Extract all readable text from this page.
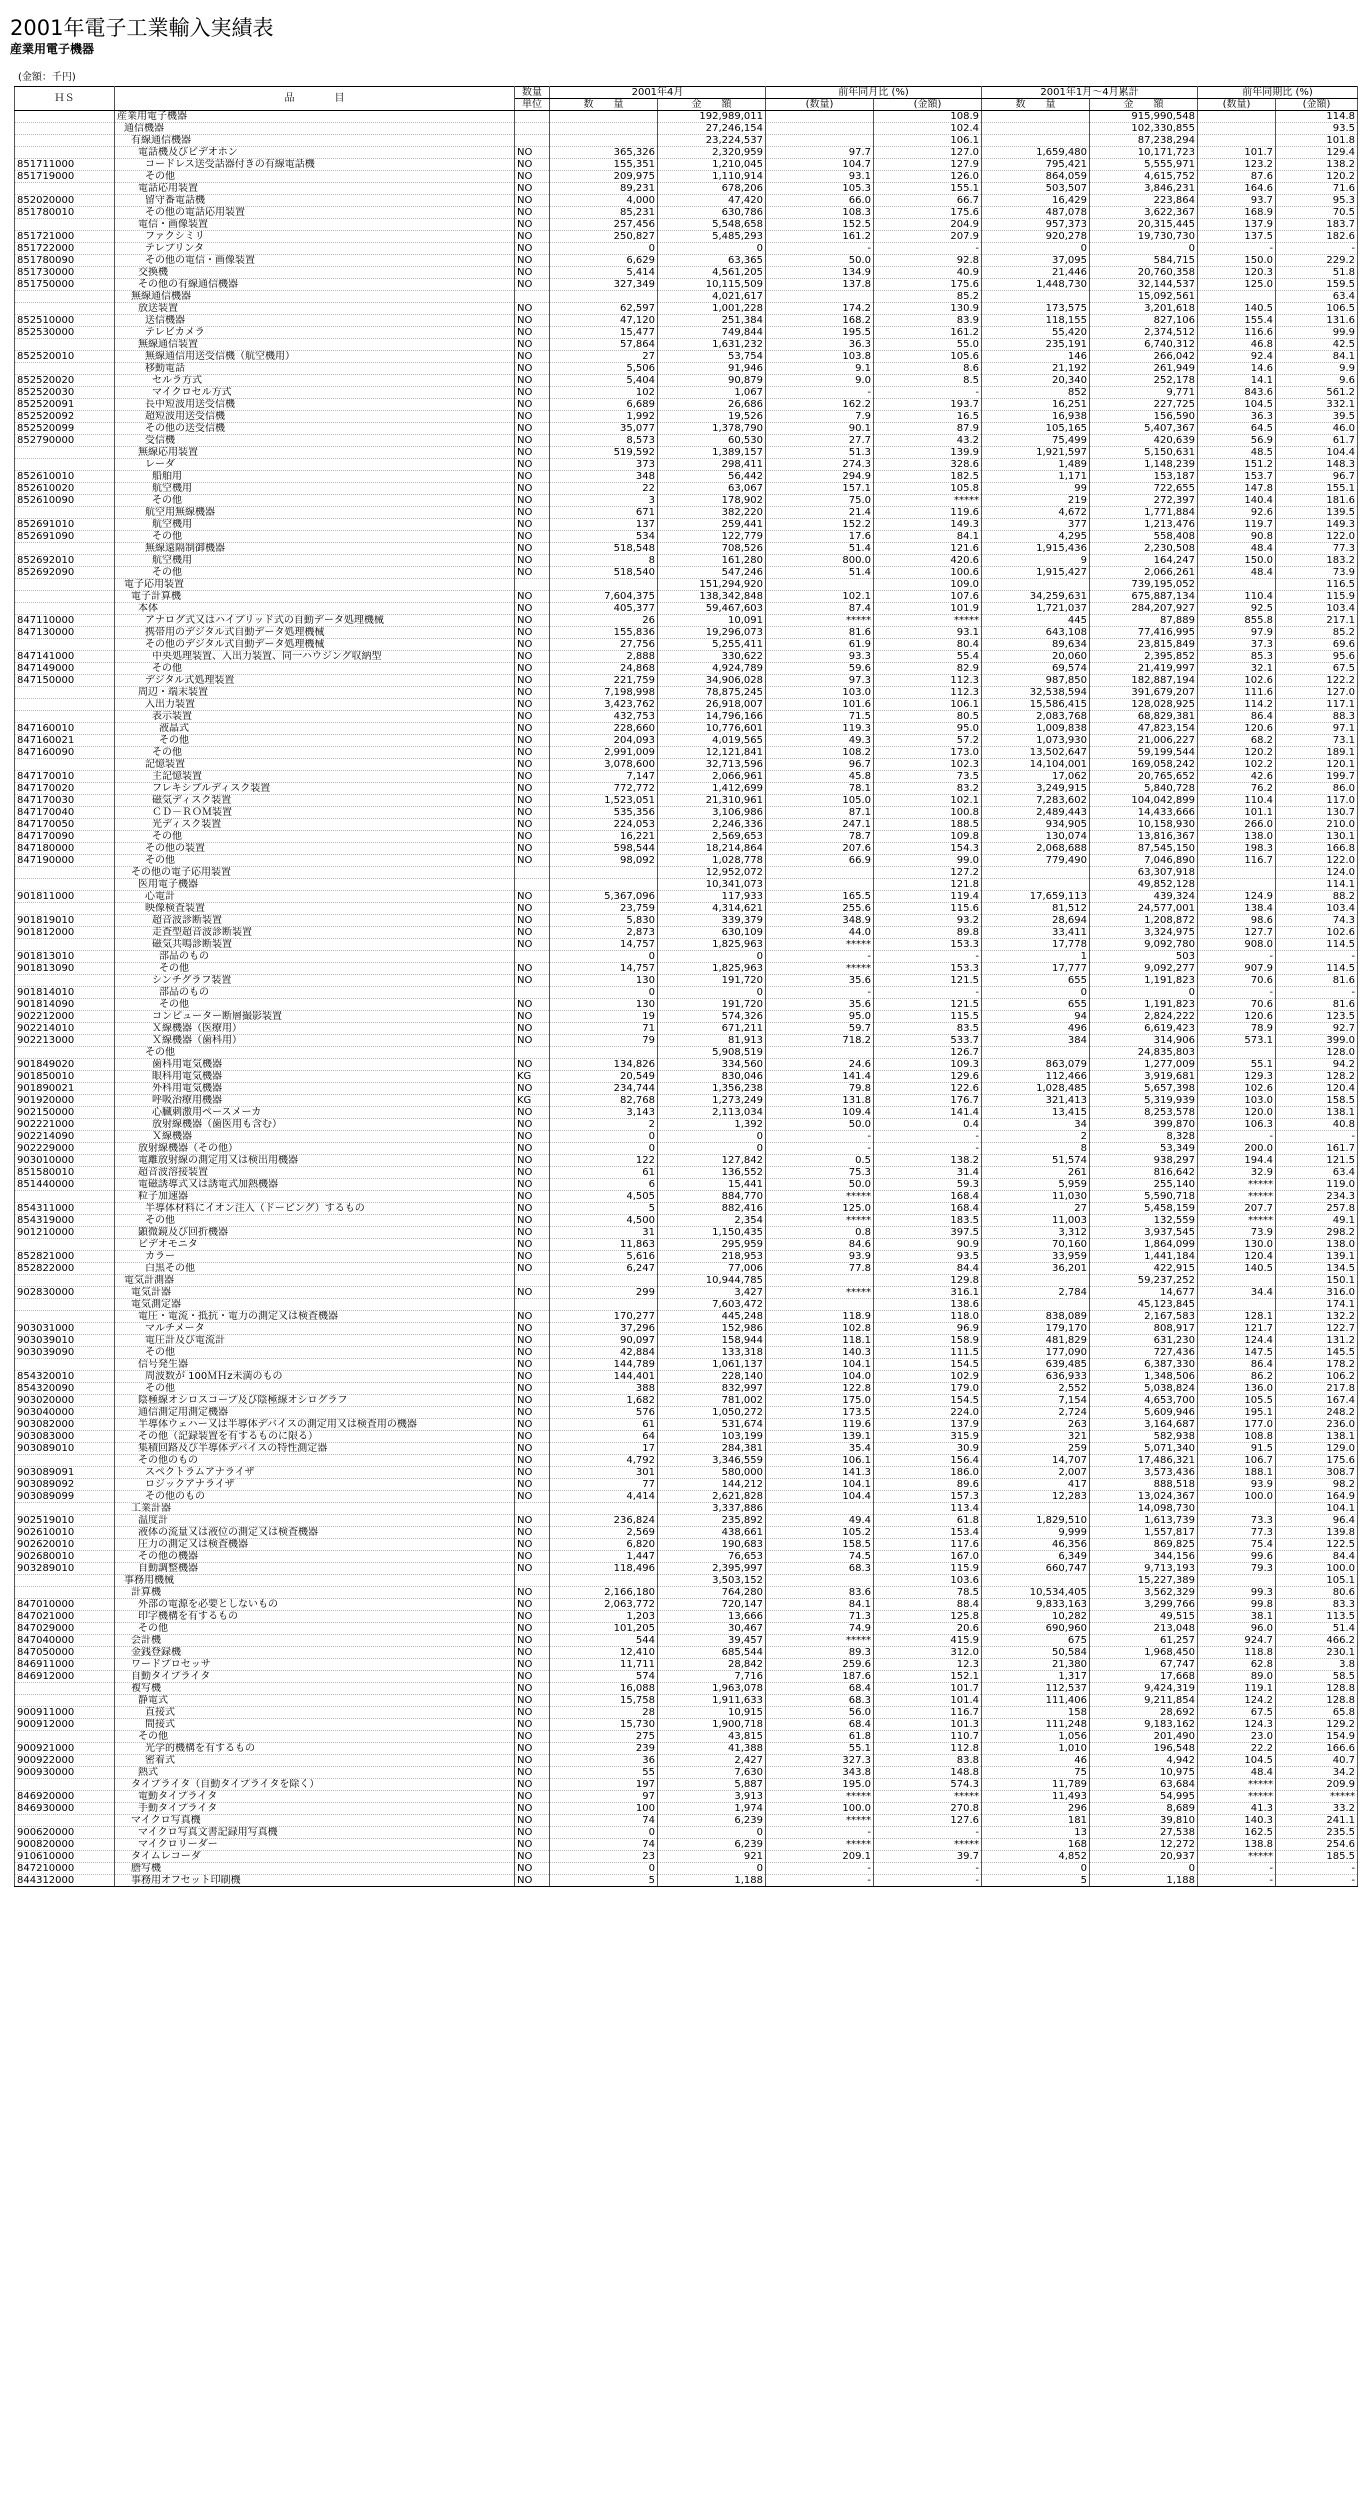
2001年電子工業輸入実績表
産業用電子機器
(金額：千円)
ＨＳ	品　　　　目	数量	2001年4月		前年同月比 (%)		2001年1月～4月累計		前年同期比 (%)	
		単位	数　　量	金　　額	(数量)	(金額)	数　　量	金　　額	(数量)	(金額)
	産業用電子機器			192,989,011		108.9		915,990,548		114.8
	通信機器			27,246,154		102.4		102,330,855		93.5
	有線通信機器			23,224,537		106.1		87,238,294		101.8
	電話機及びビデオホン	NO	365,326	2,320,959	97.7	127.0	1,659,480	10,171,723	101.7	129.4
851711000	コードレス送受話器付きの有線電話機	NO	155,351	1,210,045	104.7	127.9	795,421	5,555,971	123.2	138.2
851719000	その他	NO	209,975	1,110,914	93.1	126.0	864,059	4,615,752	87.6	120.2
	電話応用装置	NO	89,231	678,206	105.3	155.1	503,507	3,846,231	164.6	71.6
852020000	留守番電話機	NO	4,000	47,420	66.0	66.7	16,429	223,864	93.7	95.3
851780010	その他の電話応用装置	NO	85,231	630,786	108.3	175.6	487,078	3,622,367	168.9	70.5
	電信・画像装置	NO	257,456	5,548,658	152.5	204.9	957,373	20,315,445	137.9	183.7
851721000	ファクシミリ	NO	250,827	5,485,293	161.2	207.9	920,278	19,730,730	137.5	182.6
851722000	テレプリンタ	NO	0	0	-	-	0	0	-	-
851780090	その他の電信・画像装置	NO	6,629	63,365	50.0	92.8	37,095	584,715	150.0	229.2
851730000	交換機	NO	5,414	4,561,205	134.9	40.9	21,446	20,760,358	120.3	51.8
851750000	その他の有線通信機器	NO	327,349	10,115,509	137.8	175.6	1,448,730	32,144,537	125.0	159.5
	無線通信機器			4,021,617		85.2		15,092,561		63.4
	放送装置	NO	62,597	1,001,228	174.2	130.9	173,575	3,201,618	140.5	106.5
852510000	送信機器	NO	47,120	251,384	168.2	83.9	118,155	827,106	155.4	131.6
852530000	テレビカメラ	NO	15,477	749,844	195.5	161.2	55,420	2,374,512	116.6	99.9
	無線通信装置	NO	57,864	1,631,232	36.3	55.0	235,191	6,740,312	46.8	42.5
852520010	無線通信用送受信機（航空機用）	NO	27	53,754	103.8	105.6	146	266,042	92.4	84.1
	移動電話	NO	5,506	91,946	9.1	8.6	21,192	261,949	14.6	9.9
852520020	セルラ方式	NO	5,404	90,879	9.0	8.5	20,340	252,178	14.1	9.6
852520030	マイクロセル方式	NO	102	1,067	-	-	852	9,771	843.6	561.2
852520091	長中短波用送受信機	NO	6,689	26,686	162.2	193.7	16,251	227,725	104.5	332.1
852520092	超短波用送受信機	NO	1,992	19,526	7.9	16.5	16,938	156,590	36.3	39.5
852520099	その他の送受信機	NO	35,077	1,378,790	90.1	87.9	105,165	5,407,367	64.5	46.0
852790000	受信機	NO	8,573	60,530	27.7	43.2	75,499	420,639	56.9	61.7
	無線応用装置	NO	519,592	1,389,157	51.3	139.9	1,921,597	5,150,631	48.5	104.4
	レーダ	NO	373	298,411	274.3	328.6	1,489	1,148,239	151.2	148.3
852610010	船舶用	NO	348	56,442	294.9	182.5	1,171	153,187	153.7	96.7
852610020	航空機用	NO	22	63,067	157.1	105.8	99	722,655	147.8	155.1
852610090	その他	NO	3	178,902	75.0	*****	219	272,397	140.4	181.6
	航空用無線機器	NO	671	382,220	21.4	119.6	4,672	1,771,884	92.6	139.5
852691010	航空機用	NO	137	259,441	152.2	149.3	377	1,213,476	119.7	149.3
852691090	その他	NO	534	122,779	17.6	84.1	4,295	558,408	90.8	122.0
	無線遠隔制御機器	NO	518,548	708,526	51.4	121.6	1,915,436	2,230,508	48.4	77.3
852692010	航空機用	NO	8	161,280	800.0	420.6	9	164,247	150.0	183.2
852692090	その他	NO	518,540	547,246	51.4	100.6	1,915,427	2,066,261	48.4	73.9
	電子応用装置			151,294,920		109.0		739,195,052		116.5
	電子計算機	NO	7,604,375	138,342,848	102.1	107.6	34,259,631	675,887,134	110.4	115.9
	本体	NO	405,377	59,467,603	87.4	101.9	1,721,037	284,207,927	92.5	103.4
847110000	アナログ式又はハイブリッド式の自動データ処理機械	NO	26	10,091	*****	*****	445	87,889	855.8	217.1
847130000	携帯用のデジタル式自動データ処理機械	NO	155,836	19,296,073	81.6	93.1	643,108	77,416,995	97.9	85.2
	その他のデジタル式自動データ処理機械	NO	27,756	5,255,411	61.9	80.4	89,634	23,815,849	37.3	69.6
847141000	中央処理装置、入出力装置、同一ハウジング収納型	NO	2,888	330,622	93.3	55.4	20,060	2,395,852	85.3	95.6
847149000	その他	NO	24,868	4,924,789	59.6	82.9	69,574	21,419,997	32.1	67.5
847150000	デジタル式処理装置	NO	221,759	34,906,028	97.3	112.3	987,850	182,887,194	102.6	122.2
	周辺・端末装置	NO	7,198,998	78,875,245	103.0	112.3	32,538,594	391,679,207	111.6	127.0
	入出力装置	NO	3,423,762	26,918,007	101.6	106.1	15,586,415	128,028,925	114.2	117.1
	表示装置	NO	432,753	14,796,166	71.5	80.5	2,083,768	68,829,381	86.4	88.3
847160010	液晶式	NO	228,660	10,776,601	119.3	95.0	1,009,838	47,823,154	120.6	97.1
847160021	その他	NO	204,093	4,019,565	49.3	57.2	1,073,930	21,006,227	68.2	73.1
847160090	その他	NO	2,991,009	12,121,841	108.2	173.0	13,502,647	59,199,544	120.2	189.1
	記憶装置	NO	3,078,600	32,713,596	96.7	102.3	14,104,001	169,058,242	102.2	120.1
847170010	主記憶装置	NO	7,147	2,066,961	45.8	73.5	17,062	20,765,652	42.6	199.7
847170020	フレキシブルディスク装置	NO	772,772	1,412,699	78.1	83.2	3,249,915	5,840,728	76.2	86.0
847170030	磁気ディスク装置	NO	1,523,051	21,310,961	105.0	102.1	7,283,602	104,042,899	110.4	117.0
847170040	ＣＤ－ＲＯＭ装置	NO	535,356	3,106,986	87.1	100.8	2,489,443	14,433,666	101.1	130.7
847170050	光ディスク装置	NO	224,053	2,246,336	247.1	188.5	934,905	10,158,930	266.0	210.0
847170090	その他	NO	16,221	2,569,653	78.7	109.8	130,074	13,816,367	138.0	130.1
847180000	その他の装置	NO	598,544	18,214,864	207.6	154.3	2,068,688	87,545,150	198.3	166.8
847190000	その他	NO	98,092	1,028,778	66.9	99.0	779,490	7,046,890	116.7	122.0
	その他の電子応用装置			12,952,072		127.2		63,307,918		124.0
	医用電子機器			10,341,073		121.8		49,852,128		114.1
901811000	心電計	NO	5,367,096	117,933	165.5	119.4	17,659,113	439,324	124.9	88.2
	映像検査装置	NO	23,759	4,314,621	255.6	115.6	81,512	24,577,001	138.4	103.4
901819010	超音波診断装置	NO	5,830	339,379	348.9	93.2	28,694	1,208,872	98.6	74.3
901812000	走査型超音波診断装置	NO	2,873	630,109	44.0	89.8	33,411	3,324,975	127.7	102.6
	磁気共鳴診断装置	NO	14,757	1,825,963	*****	153.3	17,778	9,092,780	908.0	114.5
901813010	部品のもの		0	0	-	-	1	503	-	-
901813090	その他	NO	14,757	1,825,963	*****	153.3	17,777	9,092,277	907.9	114.5
	シンチグラフ装置	NO	130	191,720	35.6	121.5	655	1,191,823	70.6	81.6
901814010	部品のもの		0	0	-	-	0	0	-	-
901814090	その他	NO	130	191,720	35.6	121.5	655	1,191,823	70.6	81.6
902212000	コンピューター断層撮影装置	NO	19	574,326	95.0	115.5	94	2,824,222	120.6	123.5
902214010	Ｘ線機器（医療用）	NO	71	671,211	59.7	83.5	496	6,619,423	78.9	92.7
902213000	Ｘ線機器（歯科用）	NO	79	81,913	718.2	533.7	384	314,906	573.1	399.0
	その他			5,908,519		126.7		24,835,803		128.0
901849020	歯科用電気機器	NO	134,826	334,560	24.6	109.3	863,079	1,277,009	55.1	94.2
901850010	眼科用電気機器	KG	20,549	830,046	141.4	129.6	112,466	3,919,681	129.3	128.2
901890021	外科用電気機器	NO	234,744	1,356,238	79.8	122.6	1,028,485	5,657,398	102.6	120.4
901920000	呼吸治療用機器	KG	82,768	1,273,249	131.8	176.7	321,413	5,319,939	103.0	158.5
902150000	心臓刺激用ペースメーカ	NO	3,143	2,113,034	109.4	141.4	13,415	8,253,578	120.0	138.1
902221000	放射線機器（歯医用も含む）	NO	2	1,392	50.0	0.4	34	399,870	106.3	40.8
902214090	Ｘ線機器	NO	0	0	-	-	2	8,328	-	-
902229000	放射線機器（その他）	NO	0	0	-	-	8	53,349	200.0	161.7
903010000	電離放射線の測定用又は検出用機器	NO	122	127,842	0.5	138.2	51,574	938,297	194.4	121.5
851580010	超音波溶接装置	NO	61	136,552	75.3	31.4	261	816,642	32.9	63.4
851440000	電磁誘導式又は誘電式加熱機器	NO	6	15,441	50.0	59.3	5,959	255,140	*****	119.0
	粒子加速器	NO	4,505	884,770	*****	168.4	11,030	5,590,718	*****	234.3
854311000	半導体材料にイオン注入（ドーピング）するもの	NO	5	882,416	125.0	168.4	27	5,458,159	207.7	257.8
854319000	その他	NO	4,500	2,354	*****	183.5	11,003	132,559	*****	49.1
901210000	顕微鏡及び回折機器	NO	31	1,150,435	0.8	397.5	3,312	3,937,545	73.9	298.2
	ビデオモニタ	NO	11,863	295,959	84.6	90.9	70,160	1,864,099	130.0	138.0
852821000	カラー	NO	5,616	218,953	93.9	93.5	33,959	1,441,184	120.4	139.1
852822000	白黒その他	NO	6,247	77,006	77.8	84.4	36,201	422,915	140.5	134.5
	電気計測器			10,944,785		129.8		59,237,252		150.1
902830000	電気計器	NO	299	3,427	*****	316.1	2,784	14,677	34.4	316.0
	電気測定器			7,603,472		138.6		45,123,845		174.1
	電圧・電流・抵抗・電力の測定又は検査機器	NO	170,277	445,248	118.9	118.0	838,089	2,167,583	128.1	132.2
903031000	マルチメータ	NO	37,296	152,986	102.8	96.9	179,170	808,917	121.7	122.7
903039010	電圧計及び電流計	NO	90,097	158,944	118.1	158.9	481,829	631,230	124.4	131.2
903039090	その他	NO	42,884	133,318	140.3	111.5	177,090	727,436	147.5	145.5
	信号発生器	NO	144,789	1,061,137	104.1	154.5	639,485	6,387,330	86.4	178.2
854320010	周波数が 100ＭＨz未満のもの	NO	144,401	228,140	104.0	102.9	636,933	1,348,506	86.2	106.2
854320090	その他	NO	388	832,997	122.8	179.0	2,552	5,038,824	136.0	217.8
903020000	陰極線オシロスコープ及び陰極線オシログラフ	NO	1,682	781,002	175.0	154.5	7,154	4,653,700	105.5	167.4
903040000	通信測定用測定機器	NO	576	1,050,272	173.5	224.0	2,724	5,609,946	195.1	248.2
903082000	半導体ウェハー又は半導体デバイスの測定用又は検査用の機器	NO	61	531,674	119.6	137.9	263	3,164,687	177.0	236.0
903083000	その他（記録装置を有するものに限る）	NO	64	103,199	139.1	315.9	321	582,938	108.8	138.1
903089010	集積回路及び半導体デバイスの特性測定器	NO	17	284,381	35.4	30.9	259	5,071,340	91.5	129.0
	その他のもの	NO	4,792	3,346,559	106.1	156.4	14,707	17,486,321	106.7	175.6
903089091	スペクトラムアナライザ	NO	301	580,000	141.3	186.0	2,007	3,573,436	188.1	308.7
903089092	ロジックアナライザ	NO	77	144,212	104.1	89.6	417	888,518	93.9	98.2
903089099	その他のもの	NO	4,414	2,621,828	104.4	157.3	12,283	13,024,367	100.0	164.9
	工業計器			3,337,886		113.4		14,098,730		104.1
902519010	温度計	NO	236,824	235,892	49.4	61.8	1,829,510	1,613,739	73.3	96.4
902610010	液体の流量又は液位の測定又は検査機器	NO	2,569	438,661	105.2	153.4	9,999	1,557,817	77.3	139.8
902620010	圧力の測定又は検査機器	NO	6,820	190,683	158.5	117.6	46,356	869,825	75.4	122.5
902680010	その他の機器	NO	1,447	76,653	74.5	167.0	6,349	344,156	99.6	84.4
903289010	自動調整機器	NO	118,496	2,395,997	68.3	115.9	660,747	9,713,193	79.3	100.0
	事務用機械			3,503,152		103.6		15,227,389		105.1
	計算機	NO	2,166,180	764,280	83.6	78.5	10,534,405	3,562,329	99.3	80.6
847010000	外部の電源を必要としないもの	NO	2,063,772	720,147	84.1	88.4	9,833,163	3,299,766	99.8	83.3
847021000	印字機構を有するもの	NO	1,203	13,666	71.3	125.8	10,282	49,515	38.1	113.5
847029000	その他	NO	101,205	30,467	74.9	20.6	690,960	213,048	96.0	51.4
847040000	会計機	NO	544	39,457	*****	415.9	675	61,257	924.7	466.2
847050000	金銭登録機	NO	12,410	685,544	89.3	312.0	50,584	1,968,450	118.8	230.1
846911000	ワードプロセッサ	NO	11,711	28,842	259.6	12.3	21,380	67,747	62.8	3.8
846912000	自動タイプライタ	NO	574	7,716	187.6	152.1	1,317	17,668	89.0	58.5
	複写機	NO	16,088	1,963,078	68.4	101.7	112,537	9,424,319	119.1	128.8
	静電式	NO	15,758	1,911,633	68.3	101.4	111,406	9,211,854	124.2	128.8
900911000	直接式	NO	28	10,915	56.0	116.7	158	28,692	67.5	65.8
900912000	間接式	NO	15,730	1,900,718	68.4	101.3	111,248	9,183,162	124.3	129.2
	その他	NO	275	43,815	61.8	110.7	1,056	201,490	23.0	154.9
900921000	光学的機構を有するもの	NO	239	41,388	55.1	112.8	1,010	196,548	22.2	166.6
900922000	密着式	NO	36	2,427	327.3	83.8	46	4,942	104.5	40.7
900930000	熱式	NO	55	7,630	343.8	148.8	75	10,975	48.4	34.2
	タイプライタ（自動タイプライタを除く）	NO	197	5,887	195.0	574.3	11,789	63,684	*****	209.9
846920000	電動タイプライタ	NO	97	3,913	*****	*****	11,493	54,995	*****	*****
846930000	手動タイプライタ	NO	100	1,974	100.0	270.8	296	8,689	41.3	33.2
	マイクロ写真機	NO	74	6,239	*****	127.6	181	39,810	140.3	241.1
900620000	マイクロ写真文書記録用写真機	NO	0	0	-	-	13	27,538	162.5	235.5
900820000	マイクロリーダー	NO	74	6,239	*****	*****	168	12,272	138.8	254.6
910610000	タイムレコーダ	NO	23	921	209.1	39.7	4,852	20,937	*****	185.5
847210000	謄写機	NO	0	0	-	-	0	0	-	-
844312000	事務用オフセット印刷機	NO	5	1,188	-	-	5	1,188	-	-
